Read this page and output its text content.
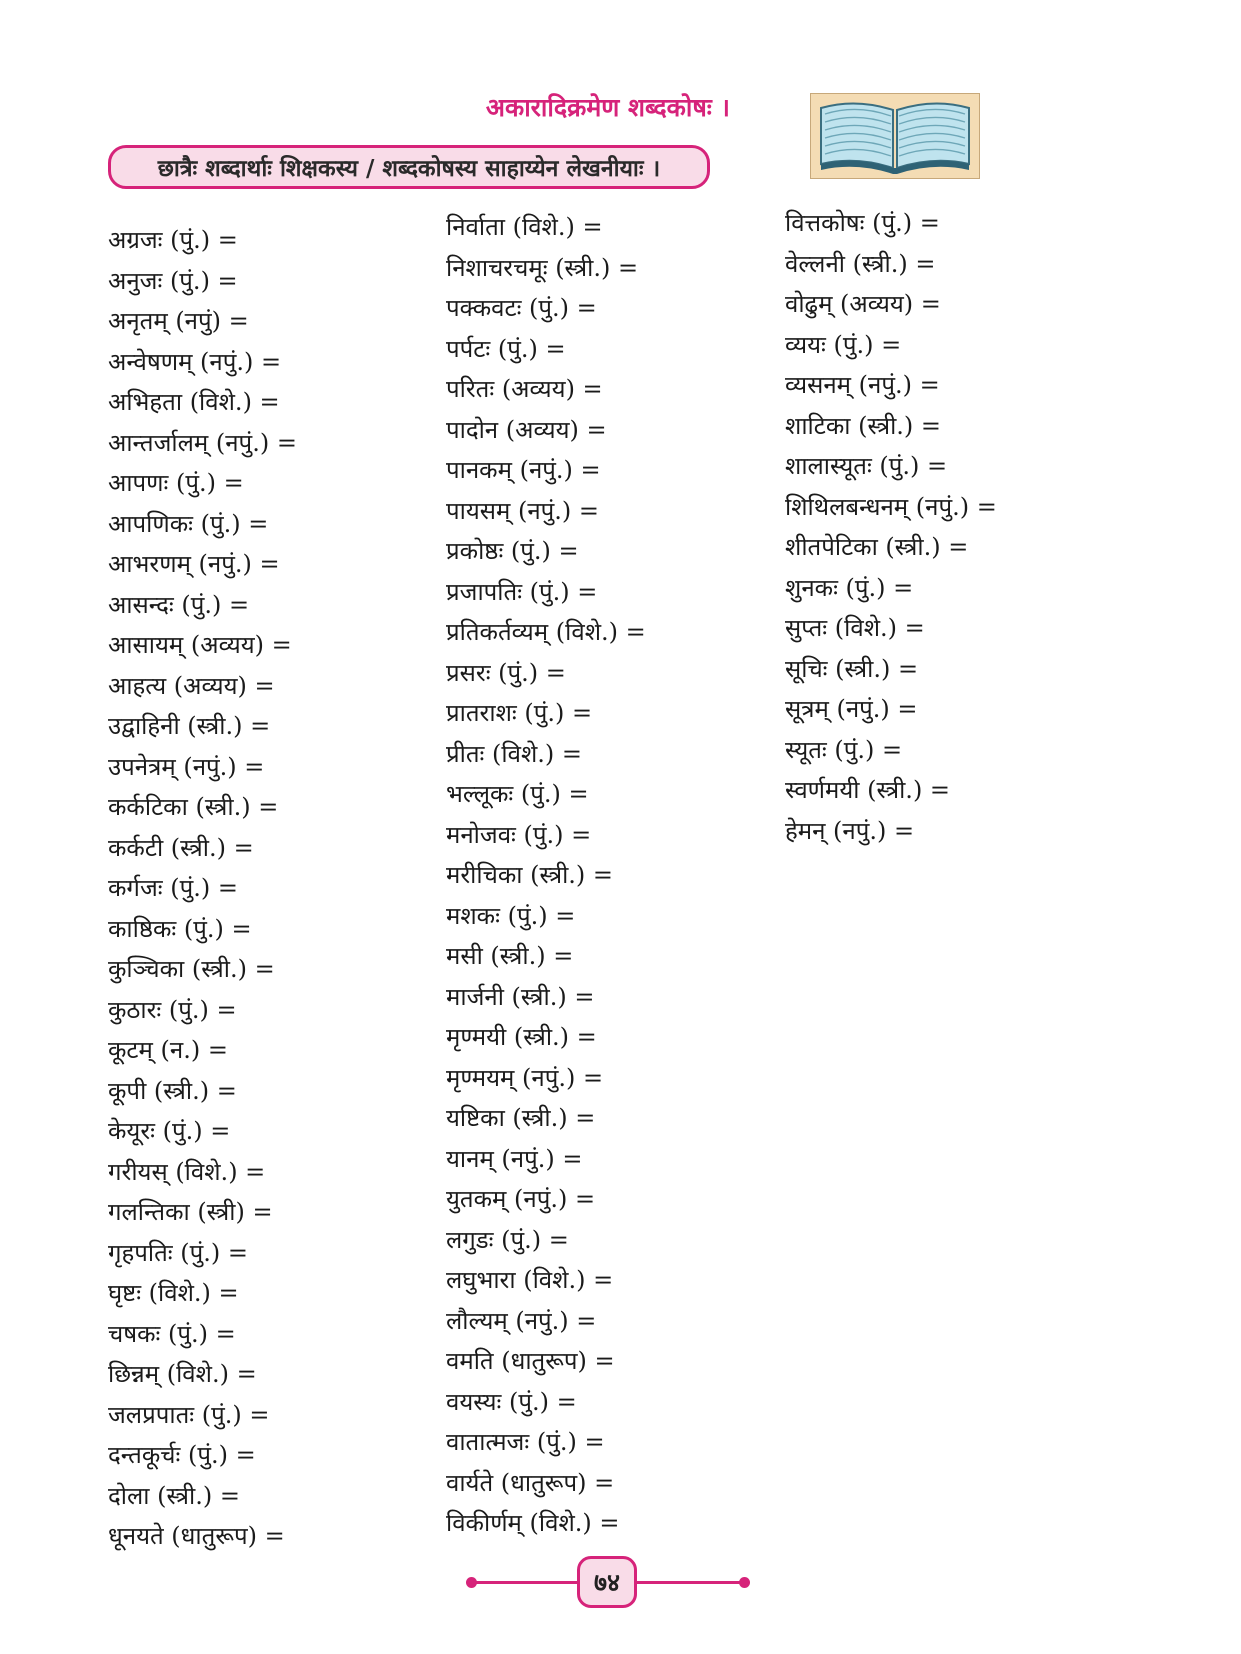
अकारादिक्रमेण शब्दकोषः ।
छात्रैः शब्दार्थाः शिक्षकस्य / शब्दकोषस्य साहाय्येन लेखनीयाः ।
अग्रजः (पुं.) =
अनुजः (पुं.) =
अनृतम् (नपुं) =
अन्वेषणम् (नपुं.) =
अभिहता (विशे.) =
आन्तर्जालम् (नपुं.) =
आपणः (पुं.) =
आपणिकः (पुं.) =
आभरणम् (नपुं.) =
आसन्दः (पुं.) =
आसायम् (अव्यय) =
आहत्य (अव्यय) =
उद्वाहिनी (स्त्री.) =
उपनेत्रम् (नपुं.) =
कर्कटिका (स्त्री.) =
कर्कटी (स्त्री.) =
कर्गजः (पुं.) =
काष्ठिकः (पुं.) =
कुञ्चिका (स्त्री.) =
कुठारः (पुं.) =
कूटम् (न.) =
कूपी (स्त्री.) =
केयूरः (पुं.) =
गरीयस् (विशे.) =
गलन्तिका (स्त्री) =
गृहपतिः (पुं.) =
घृष्टः (विशे.) =
चषकः (पुं.) =
छिन्नम् (विशे.) =
जलप्रपातः (पुं.) =
दन्तकूर्चः (पुं.) =
दोला (स्त्री.) =
धूनयते (धातुरूप) =
निर्वाता (विशे.) =
निशाचरचमूः (स्त्री.) =
पक्कवटः (पुं.) =
पर्पटः (पुं.) =
परितः (अव्यय) =
पादोन (अव्यय) =
पानकम् (नपुं.) =
पायसम् (नपुं.) =
प्रकोष्ठः (पुं.) =
प्रजापतिः (पुं.) =
प्रतिकर्तव्यम् (विशे.) =
प्रसरः (पुं.) =
प्रातराशः (पुं.) =
प्रीतः (विशे.) =
भल्लूकः (पुं.) =
मनोजवः (पुं.) =
मरीचिका (स्त्री.) =
मशकः (पुं.) =
मसी (स्त्री.) =
मार्जनी (स्त्री.) =
मृण्मयी (स्त्री.) =
मृण्मयम् (नपुं.) =
यष्टिका (स्त्री.) =
यानम् (नपुं.) =
युतकम् (नपुं.) =
लगुडः (पुं.) =
लघुभारा (विशे.) =
लौल्यम् (नपुं.) =
वमति (धातुरूप) =
वयस्यः (पुं.) =
वातात्मजः (पुं.) =
वार्यते (धातुरूप) =
विकीर्णम् (विशे.) =
वित्तकोषः (पुं.) =
वेल्लनी (स्त्री.) =
वोढुम् (अव्यय) =
व्ययः (पुं.) =
व्यसनम् (नपुं.) =
शाटिका (स्त्री.) =
शालास्यूतः (पुं.) =
शिथिलबन्धनम् (नपुं.) =
शीतपेटिका (स्त्री.) =
शुनकः (पुं.) =
सुप्तः (विशे.) =
सूचिः (स्त्री.) =
सूत्रम् (नपुं.) =
स्यूतः (पुं.) =
स्वर्णमयी (स्त्री.) =
हेमन् (नपुं.) =
७४
